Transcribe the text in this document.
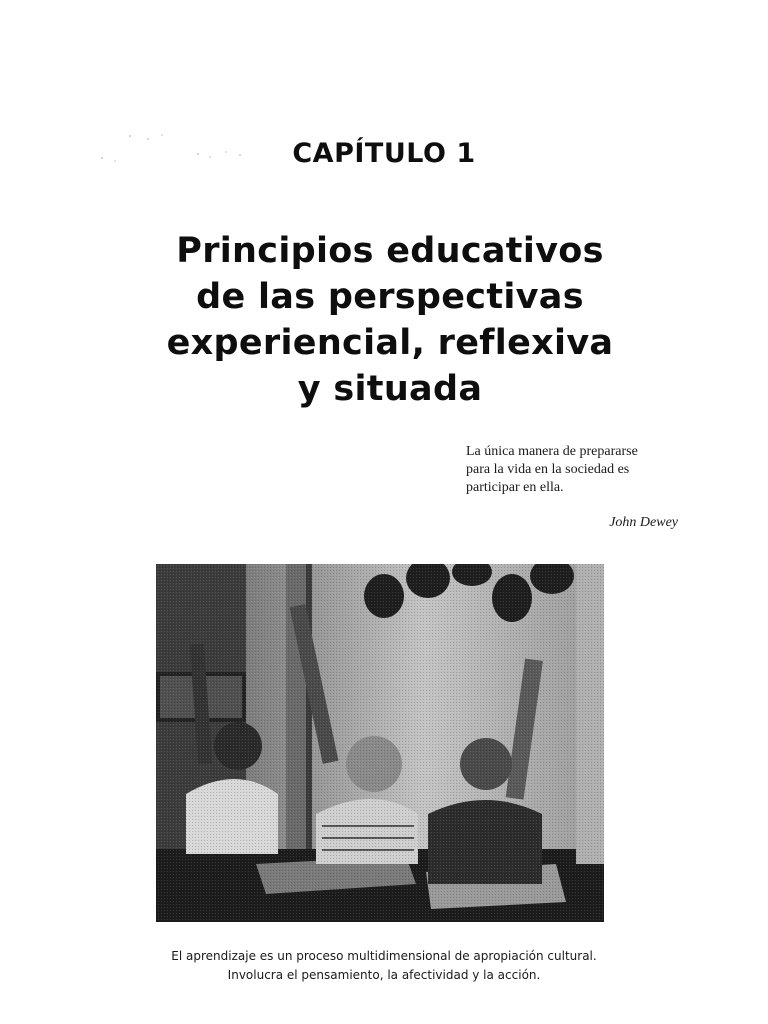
CAPÍTULO 1
Principios educativos
de las perspectivas
experiencial, reflexiva
y situada
La única manera de prepararse
para la vida en la sociedad es
participar en ella.
John Dewey
El aprendizaje es un proceso multidimensional de apropiación cultural.
Involucra el pensamiento, la afectividad y la acción.
